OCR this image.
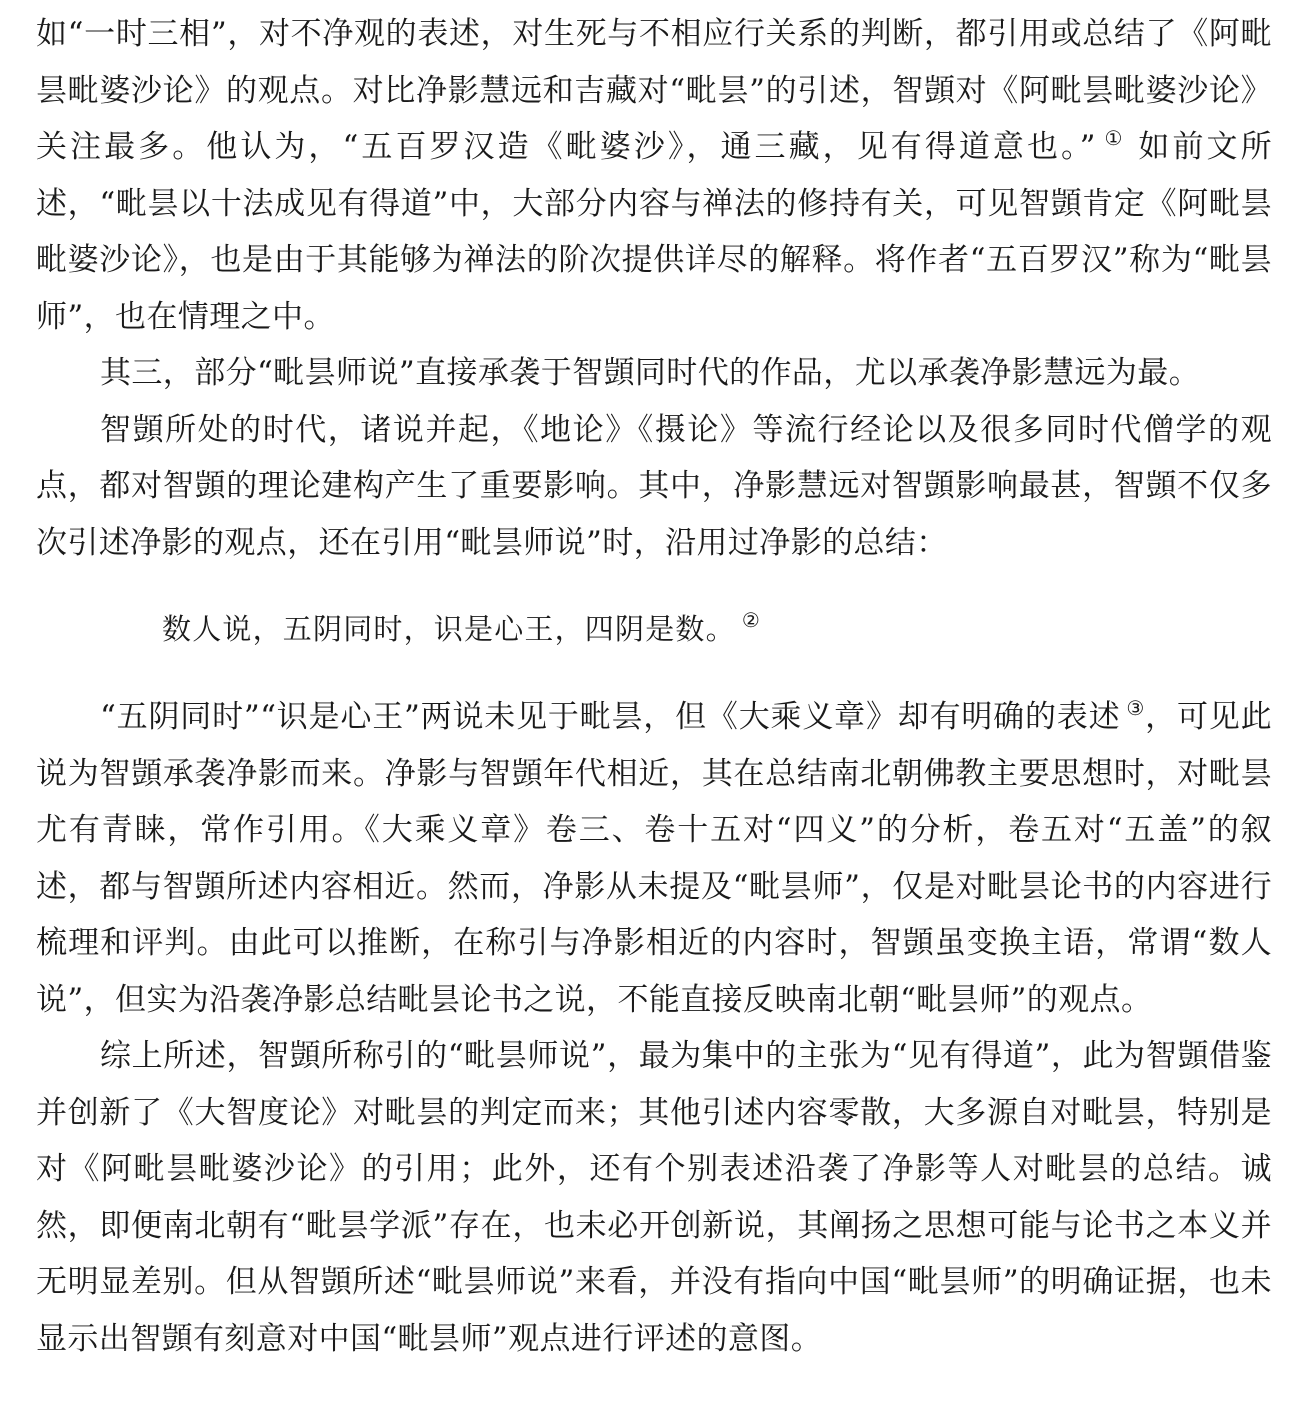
如“一时三相”，对不净观的表述，对生死与不相应行关系的判断，都引用或总结了《阿毗昙毗婆沙论》的观点。对比净影慧远和吉藏对“毗昙”的引述，智顗对《阿毗昙毗婆沙论》关注最多。他认为，“五百罗汉造《毗婆沙》，通三藏，见有得道意也。” ① 如前文所述，“毗昙以十法成见有得道”中，大部分内容与禅法的修持有关，可见智顗肯定《阿毗昙毗婆沙论》，也是由于其能够为禅法的阶次提供详尽的解释。将作者“五百罗汉”称为“毗昙师”，也在情理之中。

其三，部分“毗昙师说”直接承袭于智顗同时代的作品，尤以承袭净影慧远为最。

智顗所处的时代，诸说并起，《地论》《摄论》等流行经论以及很多同时代僧学的观点，都对智顗的理论建构产生了重要影响。其中，净影慧远对智顗影响最甚，智顗不仅多次引述净影的观点，还在引用“毗昙师说”时，沿用过净影的总结：

数人说，五阴同时，识是心王，四阴是数。 ②

“五阴同时”“识是心王”两说未见于毗昙，但《大乘义章》却有明确的表述 ③，可见此说为智顗承袭净影而来。净影与智顗年代相近，其在总结南北朝佛教主要思想时，对毗昙尤有青睐，常作引用。《大乘义章》卷三、卷十五对“四义”的分析，卷五对“五盖”的叙述，都与智顗所述内容相近。然而，净影从未提及“毗昙师”，仅是对毗昙论书的内容进行梳理和评判。由此可以推断，在称引与净影相近的内容时，智顗虽变换主语，常谓“数人说”，但实为沿袭净影总结毗昙论书之说，不能直接反映南北朝“毗昙师”的观点。

综上所述，智顗所称引的“毗昙师说”，最为集中的主张为“见有得道”，此为智顗借鉴并创新了《大智度论》对毗昙的判定而来；其他引述内容零散，大多源自对毗昙，特别是对《阿毗昙毗婆沙论》的引用；此外，还有个别表述沿袭了净影等人对毗昙的总结。诚然，即便南北朝有“毗昙学派”存在，也未必开创新说，其阐扬之思想可能与论书之本义并无明显差别。但从智顗所述“毗昙师说”来看，并没有指向中国“毗昙师”的明确证据，也未显示出智顗有刻意对中国“毗昙师”观点进行评述的意图。
